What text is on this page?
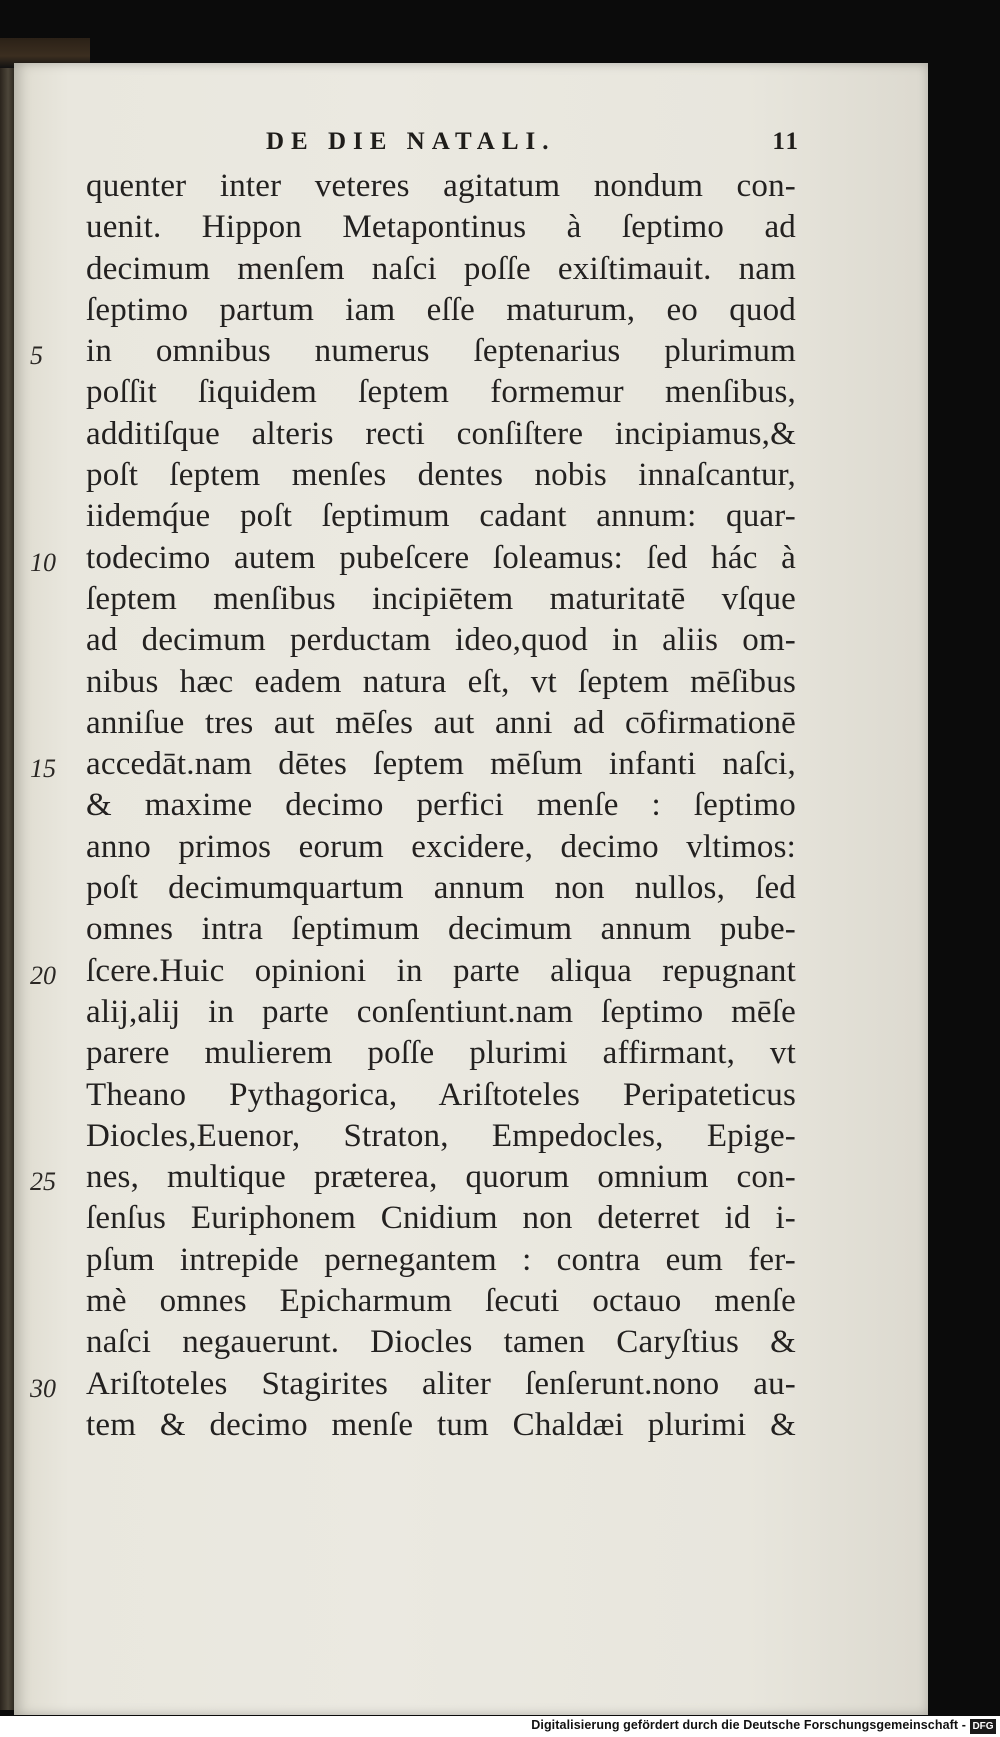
DE DIE NATALI.	11
quenter inter veteres agitatum nondum con-
uenit. Hippon Metapontinus à ſeptimo ad
decimum menſem naſci poſſe exiſtimauit. nam
ſeptimo partum iam eſſe maturum, eo quod
in omnibus numerus ſeptenarius plurimum
poſſit ſiquidem ſeptem formemur menſibus,
additiſque alteris recti conſiſtere incipiamus,&
poſt ſeptem menſes dentes nobis innaſcantur,
iidemq́ue poſt ſeptimum cadant annum: quar-
todecimo autem pubeſcere ſoleamus: ſed hác à
ſeptem menſibus incipiētem maturitatē vſque
ad decimum perductam ideo,quod in aliis om-
nibus hæc eadem natura eſt, vt ſeptem mēſibus
anniſue tres aut mēſes aut anni ad cōfirmationē
accedāt.nam dētes ſeptem mēſum infanti naſci,
& maxime decimo perfici menſe : ſeptimo
anno primos eorum excidere, decimo vltimos:
poſt decimumquartum annum non nullos, ſed
omnes intra ſeptimum decimum annum pube-
ſcere.Huic opinioni in parte aliqua repugnant
alij,alij in parte conſentiunt.nam ſeptimo mēſe
parere mulierem poſſe plurimi affirmant, vt
Theano Pythagorica, Ariſtoteles Peripateticus
Diocles,Euenor, Straton, Empedocles, Epige-
nes, multique præterea, quorum omnium con-
ſenſus Euriphonem Cnidium non deterret id i-
pſum intrepide pernegantem : contra eum fer-
mè omnes Epicharmum ſecuti octauo menſe
naſci negauerunt. Diocles tamen Caryſtius &
Ariſtoteles Stagirites aliter ſenſerunt.nono au-
tem & decimo menſe tum Chaldæi plurimi &
5
10
15
20
25
30
Digitalisierung gefördert durch die Deutsche Forschungsgemeinschaft - DFG
